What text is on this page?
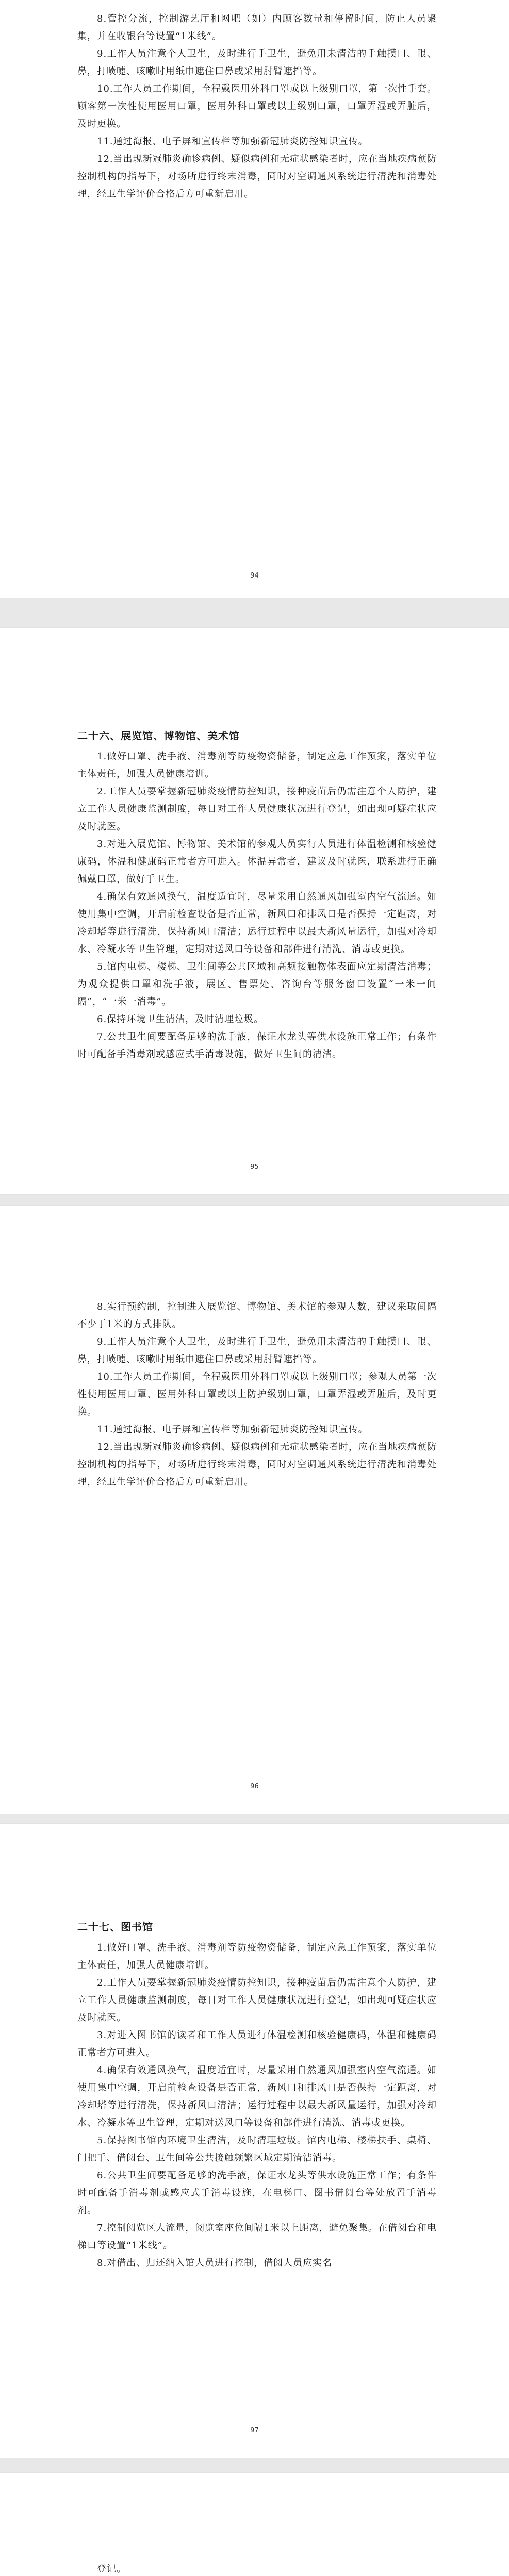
8.管控分流，控制游艺厅和网吧（如）内顾客数量和停留时间，防止人员聚集，并在收银台等设置“1米线”。

9.工作人员注意个人卫生，及时进行手卫生，避免用未清洁的手触摸口、眼、鼻，打喷嚏、咳嗽时用纸巾遮住口鼻或采用肘臂遮挡等。

10.工作人员工作期间，全程戴医用外科口罩或以上级别口罩，第一次性手套。顾客第一次性使用医用口罩，医用外科口罩或以上级别口罩，口罩弄湿或弄脏后，及时更换。

11.通过海报、电子屏和宣传栏等加强新冠肺炎防控知识宣传。

12.当出现新冠肺炎确诊病例、疑似病例和无症状感染者时，应在当地疾病预防控制机构的指导下，对场所进行终末消毒，同时对空调通风系统进行清洗和消毒处理，经卫生学评价合格后方可重新启用。

94

二十六、展览馆、博物馆、美术馆

1.做好口罩、洗手液、消毒剂等防疫物资储备，制定应急工作预案，落实单位主体责任，加强人员健康培训。

2.工作人员要掌握新冠肺炎疫情防控知识，接种疫苗后仍需注意个人防护，建立工作人员健康监测制度，每日对工作人员健康状况进行登记，如出现可疑症状应及时就医。

3.对进入展览馆、博物馆、美术馆的参观人员实行人员进行体温检测和核验健康码，体温和健康码正常者方可进入。体温异常者，建议及时就医，联系进行正确佩戴口罩，做好手卫生。

4.确保有效通风换气，温度适宜时，尽量采用自然通风加强室内空气流通。如使用集中空调，开启前检查设备是否正常，新风口和排风口是否保持一定距离，对冷却塔等进行清洗，保持新风口清洁；运行过程中以最大新风量运行，加强对冷却水、冷凝水等卫生管理，定期对送风口等设备和部件进行清洗、消毒或更换。

5.馆内电梯、楼梯、卫生间等公共区域和高频接触物体表面应定期清洁消毒；为观众提供口罩和洗手液，展区、售票处、咨询台等服务窗口设置“一米一间隔”，“一米一消毒”。

6.保持环境卫生清洁，及时清理垃圾。

7.公共卫生间要配备足够的洗手液，保证水龙头等供水设施正常工作；有条件时可配备手消毒剂或感应式手消毒设施，做好卫生间的清洁。

95

8.实行预约制，控制进入展览馆、博物馆、美术馆的参观人数，建议采取间隔不少于1米的方式排队。

9.工作人员注意个人卫生，及时进行手卫生，避免用未清洁的手触摸口、眼、鼻，打喷嚏、咳嗽时用纸巾遮住口鼻或采用肘臂遮挡等。

10.工作人员工作期间，全程戴医用外科口罩或以上级别口罩；参观人员第一次性使用医用口罩、医用外科口罩或以上防护级别口罩，口罩弄湿或弄脏后，及时更换。

11.通过海报、电子屏和宣传栏等加强新冠肺炎防控知识宣传。

12.当出现新冠肺炎确诊病例、疑似病例和无症状感染者时，应在当地疾病预防控制机构的指导下，对场所进行终末消毒，同时对空调通风系统进行清洗和消毒处理，经卫生学评价合格后方可重新启用。

96

二十七、图书馆

1.做好口罩、洗手液、消毒剂等防疫物资储备，制定应急工作预案，落实单位主体责任，加强人员健康培训。

2.工作人员要掌握新冠肺炎疫情防控知识，接种疫苗后仍需注意个人防护，建立工作人员健康监测制度，每日对工作人员健康状况进行登记，如出现可疑症状应及时就医。

3.对进入图书馆的读者和工作人员进行体温检测和核验健康码，体温和健康码正常者方可进入。

4.确保有效通风换气，温度适宜时，尽量采用自然通风加强室内空气流通。如使用集中空调，开启前检查设备是否正常，新风口和排风口是否保持一定距离，对冷却塔等进行清洗，保持新风口清洁；运行过程中以最大新风量运行，加强对冷却水、冷凝水等卫生管理，定期对送风口等设备和部件进行清洗、消毒或更换。

5.保持图书馆内环境卫生清洁，及时清理垃圾。馆内电梯、楼梯扶手、桌椅、门把手、借阅台、卫生间等公共接触频繁区域定期清洁消毒。

6.公共卫生间要配备足够的洗手液，保证水龙头等供水设施正常工作；有条件时可配备手消毒剂或感应式手消毒设施，在电梯口、图书借阅台等处放置手消毒剂。

7.控制阅览区人流量，阅览室座位间隔1米以上距离，避免聚集。在借阅台和电梯口等设置“1米线”。

8.对借出、归还纳入馆人员进行控制，借阅人员应实名

97

登记。
